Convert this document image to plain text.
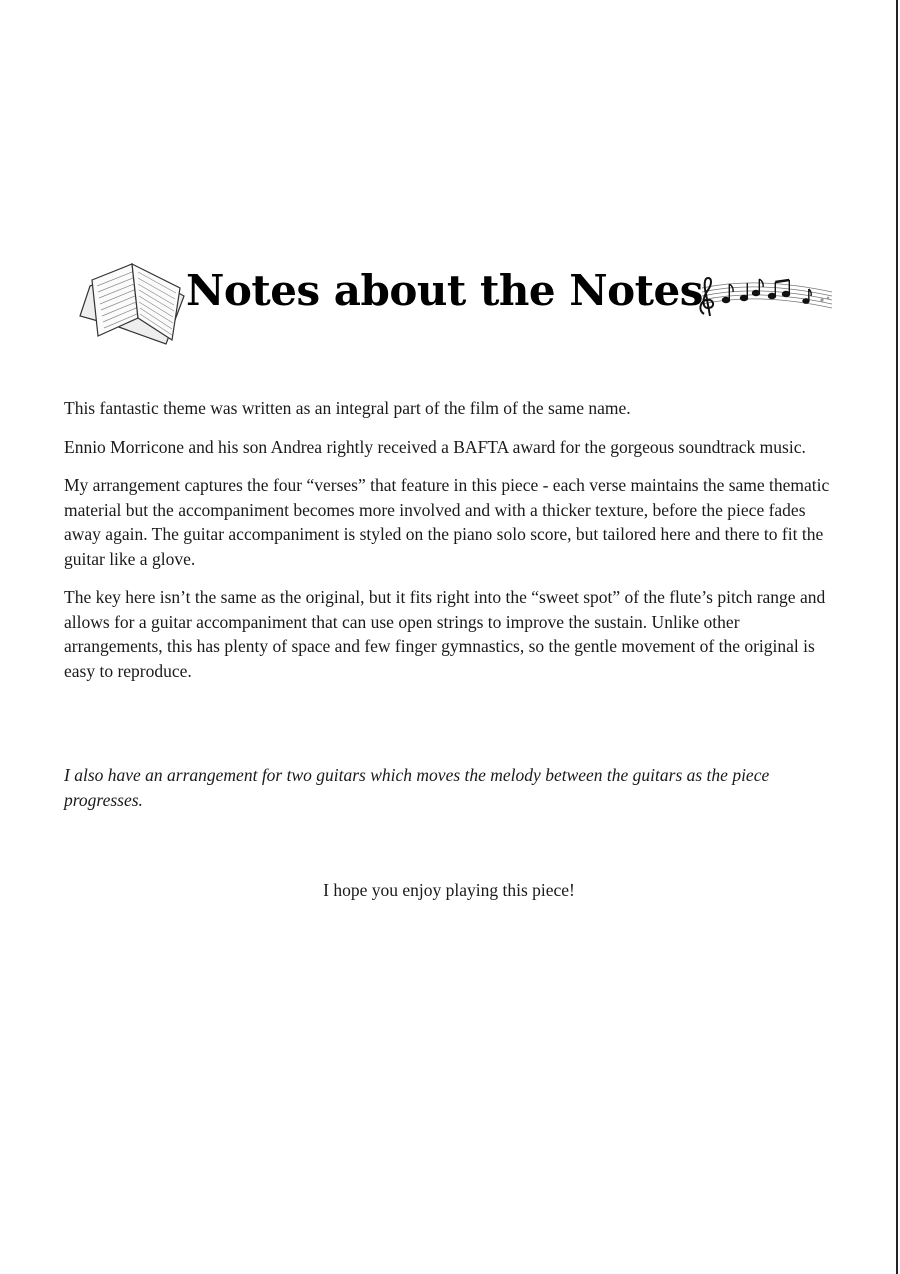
Notes about the Notes

This fantastic theme was written as an integral part of the film of the same name.

Ennio Morricone and his son Andrea rightly received a BAFTA award for the gorgeous soundtrack music.

My arrangement captures the four “verses” that feature in this piece - each verse maintains the same thematic material but the accompaniment becomes more involved and with a thicker texture, before the piece fades away again. The guitar accompaniment is styled on the piano solo score, but tailored here and there to fit the guitar like a glove.

The key here isn’t the same as the original, but it fits right into the “sweet spot” of the flute’s pitch range and allows for a guitar accompaniment that can use open strings to improve the sustain. Unlike other arrangements, this has plenty of space and few finger gymnastics, so the gentle movement of the original is easy to reproduce.

I also have an arrangement for two guitars which moves the melody between the guitars as the piece progresses.

I hope you enjoy playing this piece!
